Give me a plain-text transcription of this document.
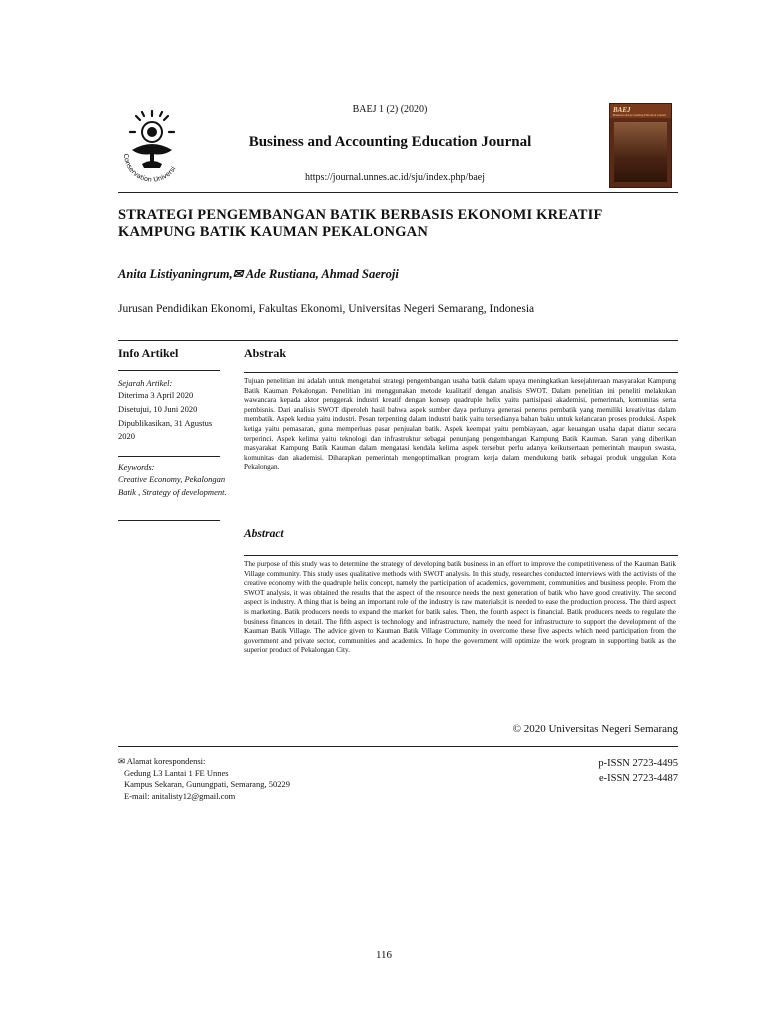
BAEJ 1 (2) (2020)
Business and Accounting Education Journal
https://journal.unnes.ac.id/sju/index.php/baej
Conservation Universi
BAEJ
Business and Accounting Education Journal
STRATEGI PENGEMBANGAN BATIK BERBASIS EKONOMI KREATIF KAMPUNG BATIK KAUMAN PEKALONGAN
Anita Listiyaningrum,✉ Ade Rustiana, Ahmad Saeroji
Jurusan Pendidikan Ekonomi, Fakultas Ekonomi, Universitas Negeri Semarang, Indonesia
Info Artikel
Sejarah Artikel:
Diterima 3 April 2020
Disetujui, 10 Juni 2020
Dipublikasikan, 31 Agustus 2020
Keywords:
Creative Economy, Pekalongan Batik , Strategy of development.
Abstrak
Tujuan penelitian ini adalah untuk mengetahui strategi pengembangan usaha batik dalam upaya meningkatkan kesejahteraan masyarakat Kampung Batik Kauman Pekalongan. Penelitian ini menggunakan metode kualitatif dengan analisis SWOT. Dalam penelitian ini peneliti melakukan wawancara kepada aktor penggerak industri kreatif dengan konsep quadruple helix yaitu partisipasi akademisi, pemerintah, komunitas serta pembisnis. Dari analisis SWOT diperoleh hasil bahwa aspek sumber daya perlunya generasi penerus pembatik yang memiliki kreativitas dalam membatik. Aspek kedua yaitu industri. Pesan terpenting dalam industri batik yaitu tersedianya bahan baku untuk kelancaran proses produksi. Aspek ketiga yaitu pemasaran, guna memperluas pasar penjualan batik. Aspek keempat yaitu pembiayaan, agar keuangan usaha dapat diatur secara terperinci. Aspek kelima yaitu teknologi dan infrastruktur sebagai penunjang pengembangan Kampung Batik Kauman. Saran yang diberikan masyarakat Kampung Batik Kauman dalam mengatasi kendala kelima aspek tersebut perlu adanya keikutsertaan pemerintah maupun swasta, komunitas dan akademisi. Diharapkan pemerintah mengoptimalkan program kerja dalam mendukung batik sebagai produk unggulan Kota Pekalongan.
Abstract
The purpose of this study was to determine the strategy of developing batik business in an effort to improve the competitiveness of the Kauman Batik Village community. This study uses qualitative methods with SWOT analysis. In this study, researches conducted interviews with the activists of the creative economy with the quadruple helix concept, namely the participation of academics, government, communities and business people. From the SWOT analysis, it was obtained the results that the aspect of the resource needs the next generation of batik who have good creativity. The second aspect is industry. A thing that is being an important role of the industry is raw materials;it is needed to ease the production process. The third aspect is marketing. Batik producers needs to expand the market for batik sales. Then, the fourth aspect is financial. Batik producers needs to regulate the business finances in detail. The fifth aspect is technology and infrastructure, namely the need for infrastructure to support the development of the Kauman Batik Village. The advice given to Kauman Batik Village Community in overcome these five aspects which need participation from the government and private sector, communities and academics. In hope the government will optimize the work program in supporting batik as the superior product of Pekalongan City.
© 2020 Universitas Negeri Semarang
✉ Alamat korespondensi:
Gedung L3 Lantai 1 FE Unnes
Kampus Sekaran, Gunungpati, Semarang, 50229
E-mail: anitalisty12@gmail.com
p-ISSN 2723-4495
e-ISSN 2723-4487
116
